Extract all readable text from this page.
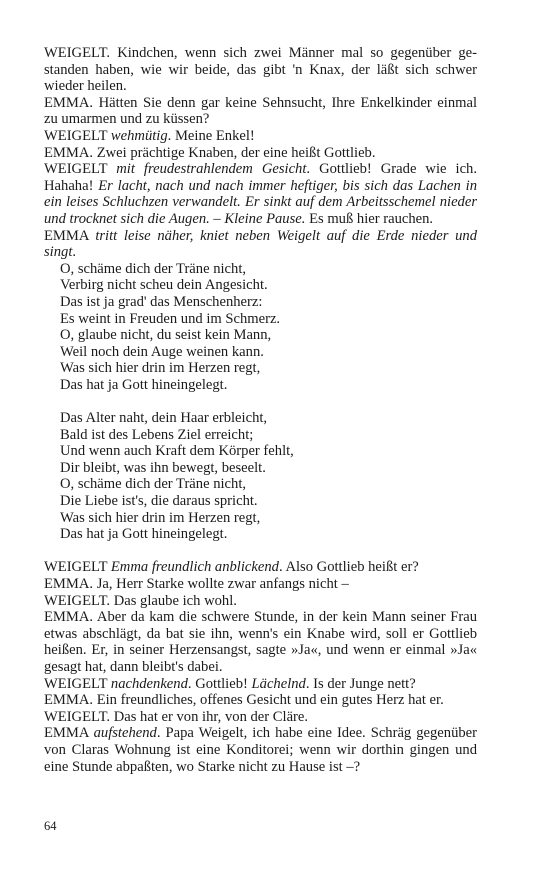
WEIGELT. Kindchen, wenn sich zwei Männer mal so gegenüber gestanden haben, wie wir beide, das gibt 'n Knax, der läßt sich schwer wieder heilen.

EMMA. Hätten Sie denn gar keine Sehnsucht, Ihre Enkelkinder einmal zu umarmen und zu küssen?

WEIGELT wehmütig. Meine Enkel!

EMMA. Zwei prächtige Knaben, der eine heißt Gottlieb.

WEIGELT mit freudestrahlendem Gesicht. Gottlieb! Grade wie ich. Hahaha! Er lacht, nach und nach immer heftiger, bis sich das Lachen in ein leises Schluchzen verwandelt. Er sinkt auf dem Arbeitsschemel nieder und trocknet sich die Augen. – Kleine Pause. Es muß hier rauchen.

EMMA tritt leise näher, kniet neben Weigelt auf die Erde nieder und singt.

O, schäme dich der Träne nicht,
Verbirg nicht scheu dein Angesicht.
Das ist ja grad' das Menschenherz:
Es weint in Freuden und im Schmerz.
O, glaube nicht, du seist kein Mann,
Weil noch dein Auge weinen kann.
Was sich hier drin im Herzen regt,
Das hat ja Gott hineingelegt.
Das Alter naht, dein Haar erbleicht,
Bald ist des Lebens Ziel erreicht;
Und wenn auch Kraft dem Körper fehlt,
Dir bleibt, was ihn bewegt, beseelt.
O, schäme dich der Träne nicht,
Die Liebe ist's, die daraus spricht.
Was sich hier drin im Herzen regt,
Das hat ja Gott hineingelegt.

WEIGELT Emma freundlich anblickend. Also Gottlieb heißt er?

EMMA. Ja, Herr Starke wollte zwar anfangs nicht –

WEIGELT. Das glaube ich wohl.

EMMA. Aber da kam die schwere Stunde, in der kein Mann seiner Frau etwas abschlägt, da bat sie ihn, wenn's ein Knabe wird, soll er Gottlieb heißen. Er, in seiner Herzensangst, sagte »Ja«, und wenn er einmal »Ja« gesagt hat, dann bleibt's dabei.

WEIGELT nachdenkend. Gottlieb! Lächelnd. Is der Junge nett?

EMMA. Ein freundliches, offenes Gesicht und ein gutes Herz hat er.

WEIGELT. Das hat er von ihr, von der Cläre.

EMMA aufstehend. Papa Weigelt, ich habe eine Idee. Schräg gegenüber von Claras Wohnung ist eine Konditorei; wenn wir dorthin gingen und eine Stunde abpaßten, wo Starke nicht zu Hause ist –?

64
